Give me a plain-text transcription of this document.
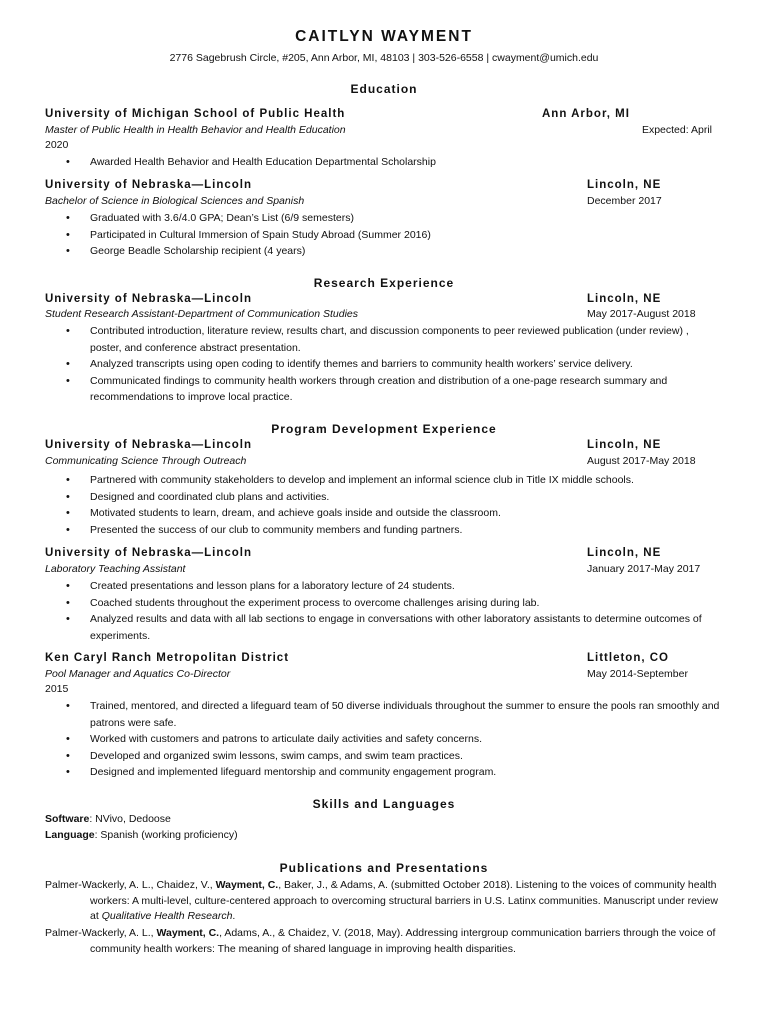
CAITLYN WAYMENT
2776 Sagebrush Circle, #205, Ann Arbor, MI, 48103 | 303-526-6558 | cwayment@umich.edu
Education
University of Michigan School of Public Health	Ann Arbor, MI
Master of Public Health in Health Behavior and Health Education	Expected: April
2020
• Awarded Health Behavior and Health Education Departmental Scholarship
University of Nebraska—Lincoln	Lincoln, NE
Bachelor of Science in Biological Sciences and Spanish	December 2017
• Graduated with 3.6/4.0 GPA; Dean’s List (6/9 semesters)
• Participated in Cultural Immersion of Spain Study Abroad (Summer 2016)
• George Beadle Scholarship recipient (4 years)
Research Experience
University of Nebraska—Lincoln	Lincoln, NE
Student Research Assistant-Department of Communication Studies	May 2017-August 2018
• Contributed introduction, literature review, results chart, and discussion components to peer reviewed publication (under review) , poster, and conference abstract presentation.
• Analyzed transcripts using open coding to identify themes and barriers to community health workers’ service delivery.
• Communicated findings to community health workers through creation and distribution of a one-page research summary and recommendations to improve local practice.
Program Development Experience
University of Nebraska—Lincoln	Lincoln, NE
Communicating Science Through Outreach	August 2017-May 2018
• Partnered with community stakeholders to develop and implement an informal science club in Title IX middle schools.
• Designed and coordinated club plans and activities.
• Motivated students to learn, dream, and achieve goals inside and outside the classroom.
• Presented the success of our club to community members and funding partners.
University of Nebraska—Lincoln	Lincoln, NE
Laboratory Teaching Assistant	January 2017-May 2017
• Created presentations and lesson plans for a laboratory lecture of 24 students.
• Coached students throughout the experiment process to overcome challenges arising during lab.
• Analyzed results and data with all lab sections to engage in conversations with other laboratory assistants to determine outcomes of experiments.
Ken Caryl Ranch Metropolitan District	Littleton, CO
Pool Manager and Aquatics Co-Director	May 2014-September
2015
• Trained, mentored, and directed a lifeguard team of 50 diverse individuals throughout the summer to ensure the pools ran smoothly and patrons were safe.
• Worked with customers and patrons to articulate daily activities and safety concerns.
• Developed and organized swim lessons, swim camps, and swim team practices.
• Designed and implemented lifeguard mentorship and community engagement program.
Skills and Languages
Software: NVivo, Dedoose
Language: Spanish (working proficiency)
Publications and Presentations
Palmer-Wackerly, A. L., Chaidez, V., Wayment, C., Baker, J., & Adams, A. (submitted October 2018). Listening to the voices of community health workers: A multi-level, culture-centered approach to overcoming structural barriers in U.S. Latinx communities. Manuscript under review at Qualitative Health Research.
Palmer-Wackerly, A. L., Wayment, C., Adams, A., & Chaidez, V. (2018, May). Addressing intergroup communication barriers through the voice of community health workers: The meaning of shared language in improving health disparities.
